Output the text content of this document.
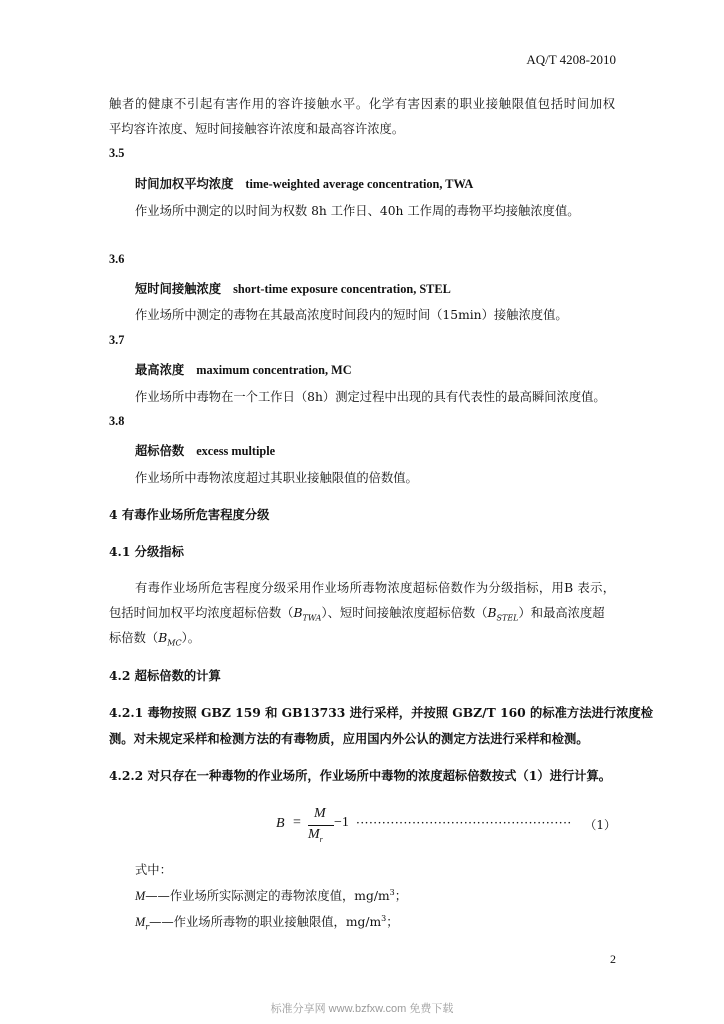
AQ/T 4208-2010
触者的健康不引起有害作用的容许接触水平。化学有害因素的职业接触限值包括时间加权
平均容许浓度、短时间接触容许浓度和最高容许浓度。
3.5
时间加权平均浓度 time-weighted average concentration, TWA
作业场所中测定的以时间为权数 8h 工作日、40h 工作周的毒物平均接触浓度值。
3.6
短时间接触浓度 short-time exposure concentration, STEL
作业场所中测定的毒物在其最高浓度时间段内的短时间（15min）接触浓度值。
3.7
最高浓度 maximum concentration, MC
作业场所中毒物在一个工作日（8h）测定过程中出现的具有代表性的最高瞬间浓度值。
3.8
超标倍数 excess multiple
作业场所中毒物浓度超过其职业接触限值的倍数值。
4 有毒作业场所危害程度分级
4.1 分级指标
有毒作业场所危害程度分级采用作业场所毒物浓度超标倍数作为分级指标，用B 表示，
包括时间加权平均浓度超标倍数$(B_{TWA})$、短时间接触浓度超标倍数$(B_{STEL})$和最高浓度超
标倍数$(B_{MC})$。
4.2 超标倍数的计算
4.2.1 毒物按照 GBZ 159 和 GB13733 进行采样，并按照 GBZ/T 160 的标准方法进行浓度检
测。对未规定采样和检测方法的有毒物质，应用国内外公认的测定方法进行采样和检测。
4.2.2 对只存在一种毒物的作业场所，作业场所中毒物的浓度超标倍数按式（1）进行计算。
B =
M
$M_r$
−1 ·················································· （1）
式中：
M——作业场所实际测定的毒物浓度值，$mg/m^3$；
$M_r——$作业场所毒物的职业接触限值，$mg/m^3$；
2
标准分享网 www.bzfxw.com 免费下载
